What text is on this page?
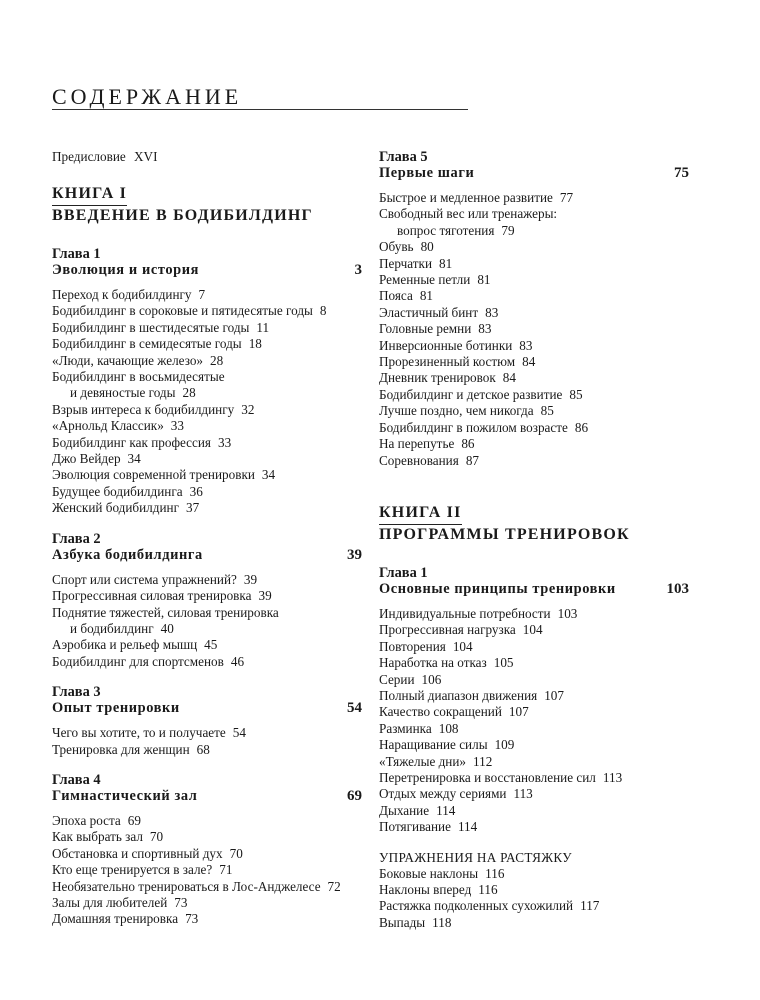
СОДЕРЖАНИЕ
Предисловие XVI
КНИГА I
ВВЕДЕНИЕ В БОДИБИЛДИНГ
Глава 1
Эволюция и история	3
Переход к бодибилдингу 7
Бодибилдинг в сороковые и пятидесятые годы 8
Бодибилдинг в шестидесятые годы 11
Бодибилдинг в семидесятые годы 18
«Люди, качающие железо» 28
Бодибилдинг в восьмидесятые
и девяностые годы 28
Взрыв интереса к бодибилдингу 32
«Арнольд Классик» 33
Бодибилдинг как профессия 33
Джо Вейдер 34
Эволюция современной тренировки 34
Будущее бодибилдинга 36
Женский бодибилдинг 37
Глава 2
Азбука бодибилдинга	39
Спорт или система упражнений? 39
Прогрессивная силовая тренировка 39
Поднятие тяжестей, силовая тренировка
и бодибилдинг 40
Аэробика и рельеф мышц 45
Бодибилдинг для спортсменов 46
Глава 3
Опыт тренировки	54
Чего вы хотите, то и получаете 54
Тренировка для женщин 68
Глава 4
Гимнастический зал	69
Эпоха роста 69
Как выбрать зал 70
Обстановка и спортивный дух 70
Кто еще тренируется в зале? 71
Необязательно тренироваться в Лос-Анджелесе 72
Залы для любителей 73
Домашняя тренировка 73
Глава 5
Первые шаги	75
Быстрое и медленное развитие 77
Свободный вес или тренажеры:
вопрос тяготения 79
Обувь 80
Перчатки 81
Ременные петли 81
Пояса 81
Эластичный бинт 83
Головные ремни 83
Инверсионные ботинки 83
Прорезиненный костюм 84
Дневник тренировок 84
Бодибилдинг и детское развитие 85
Лучше поздно, чем никогда 85
Бодибилдинг в пожилом возрасте 86
На перепутье 86
Соревнования 87
КНИГА II
ПРОГРАММЫ ТРЕНИРОВОК
Глава 1
Основные принципы тренировки	103
Индивидуальные потребности 103
Прогрессивная нагрузка 104
Повторения 104
Наработка на отказ 105
Серии 106
Полный диапазон движения 107
Качество сокращений 107
Разминка 108
Наращивание силы 109
«Тяжелые дни» 112
Перетренировка и восстановление сил 113
Отдых между сериями 113
Дыхание 114
Потягивание 114
УПРАЖНЕНИЯ НА РАСТЯЖКУ
Боковые наклоны 116
Наклоны вперед 116
Растяжка подколенных сухожилий 117
Выпады 118
